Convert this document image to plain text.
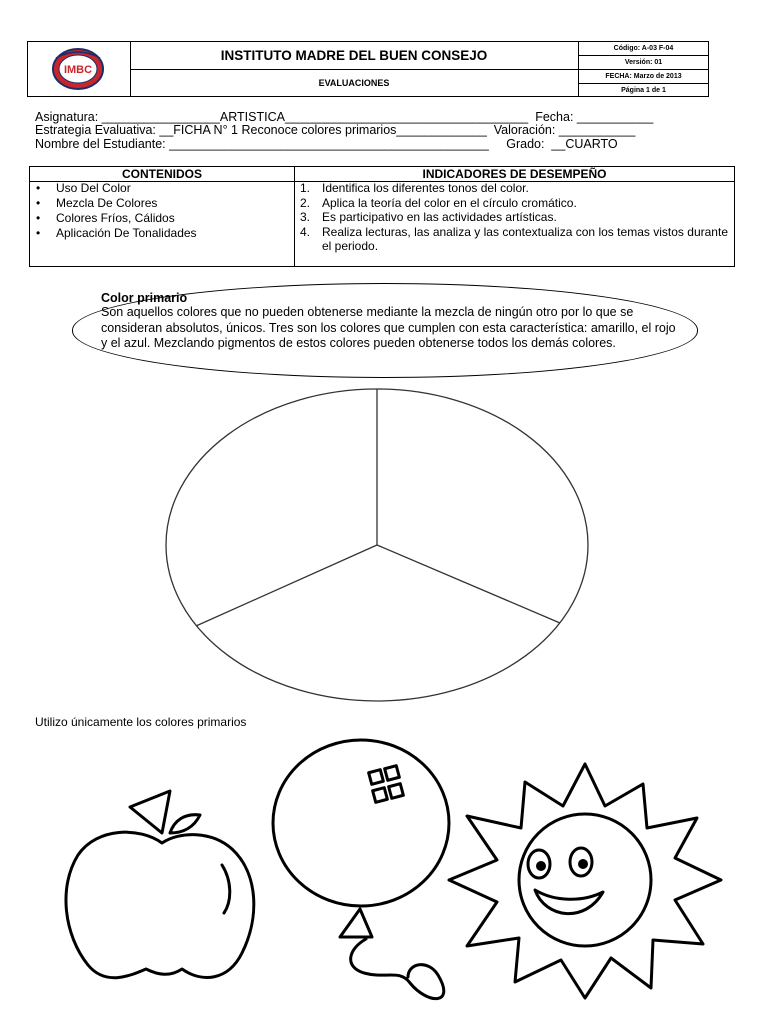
IMBC
INSTITUTO MADRE DEL BUEN CONSEJO
EVALUACIONES
Código: A-03 F-04
Versión: 01
FECHA: Marzo de 2013
Página 1 de 1
Asignatura: _________________ARTISTICA___________________________________  Fecha: ___________
Estrategia Evaluativa: __FICHA N° 1 Reconoce colores primarios_____________  Valoración: ___________
Nombre del Estudiante: ______________________________________________     Grado:  __CUARTO
CONTENIDOS	INDICADORES DE DESEMPEÑO
• Uso Del Color
• Mezcla De Colores
• Colores Fríos, Cálidos
• Aplicación De Tonalidades
1. Identifica los diferentes tonos del color.
2. Aplica la teoría del color en el círculo cromático.
3. Es participativo en las actividades artísticas.
4. Realiza lecturas, las analiza y las contextualiza con los temas vistos durante el periodo.
Color primario
Son aquellos colores que no pueden obtenerse mediante la mezcla de ningún otro por lo que se consideran absolutos, únicos. Tres son los colores que cumplen con esta característica: amarillo, el rojo y el azul. Mezclando pigmentos de estos colores pueden obtenerse todos los demás colores.
Utilizo únicamente los colores primarios
